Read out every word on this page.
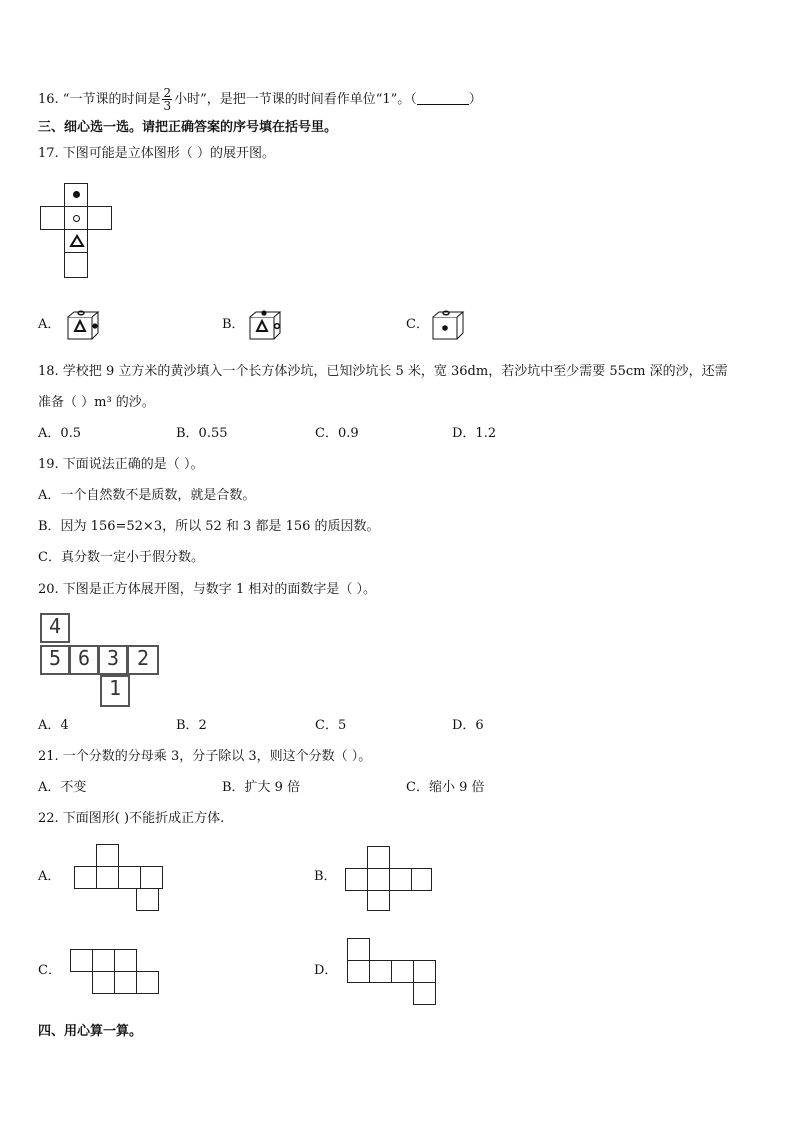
16. “一节课的时间是 $\frac{2}{3}$ 小时”，是把一节课的时间看作单位“1”。（	）
三、细心选一选。请把正确答案的序号填在括号里。
17. 下图可能是立体图形（ ）的展开图。
A．	B．	C．
18. 学校把 9 立方米的黄沙填入一个长方体沙坑，已知沙坑长 5 米，宽 36dm，若沙坑中至少需要 55cm 深的沙，还需
准备（ ）m³ 的沙。
A．0.5	B．0.55	C．0.9	D．1.2
19. 下面说法正确的是（ ）。
A．一个自然数不是质数，就是合数。
B．因为 156=52×3，所以 52 和 3 都是 156 的质因数。
C．真分数一定小于假分数。
20. 下图是正方体展开图，与数字 1 相对的面数字是（ ）。
4
5 6 3 2
1
A．4	B．2	C．5	D．6
21. 一个分数的分母乘 3，分子除以 3，则这个分数（ ）。
A．不变	B．扩大 9 倍	C．缩小 9 倍
22. 下面图形( )不能折成正方体.
A．	B．
C．	D．
四、用心算一算。
